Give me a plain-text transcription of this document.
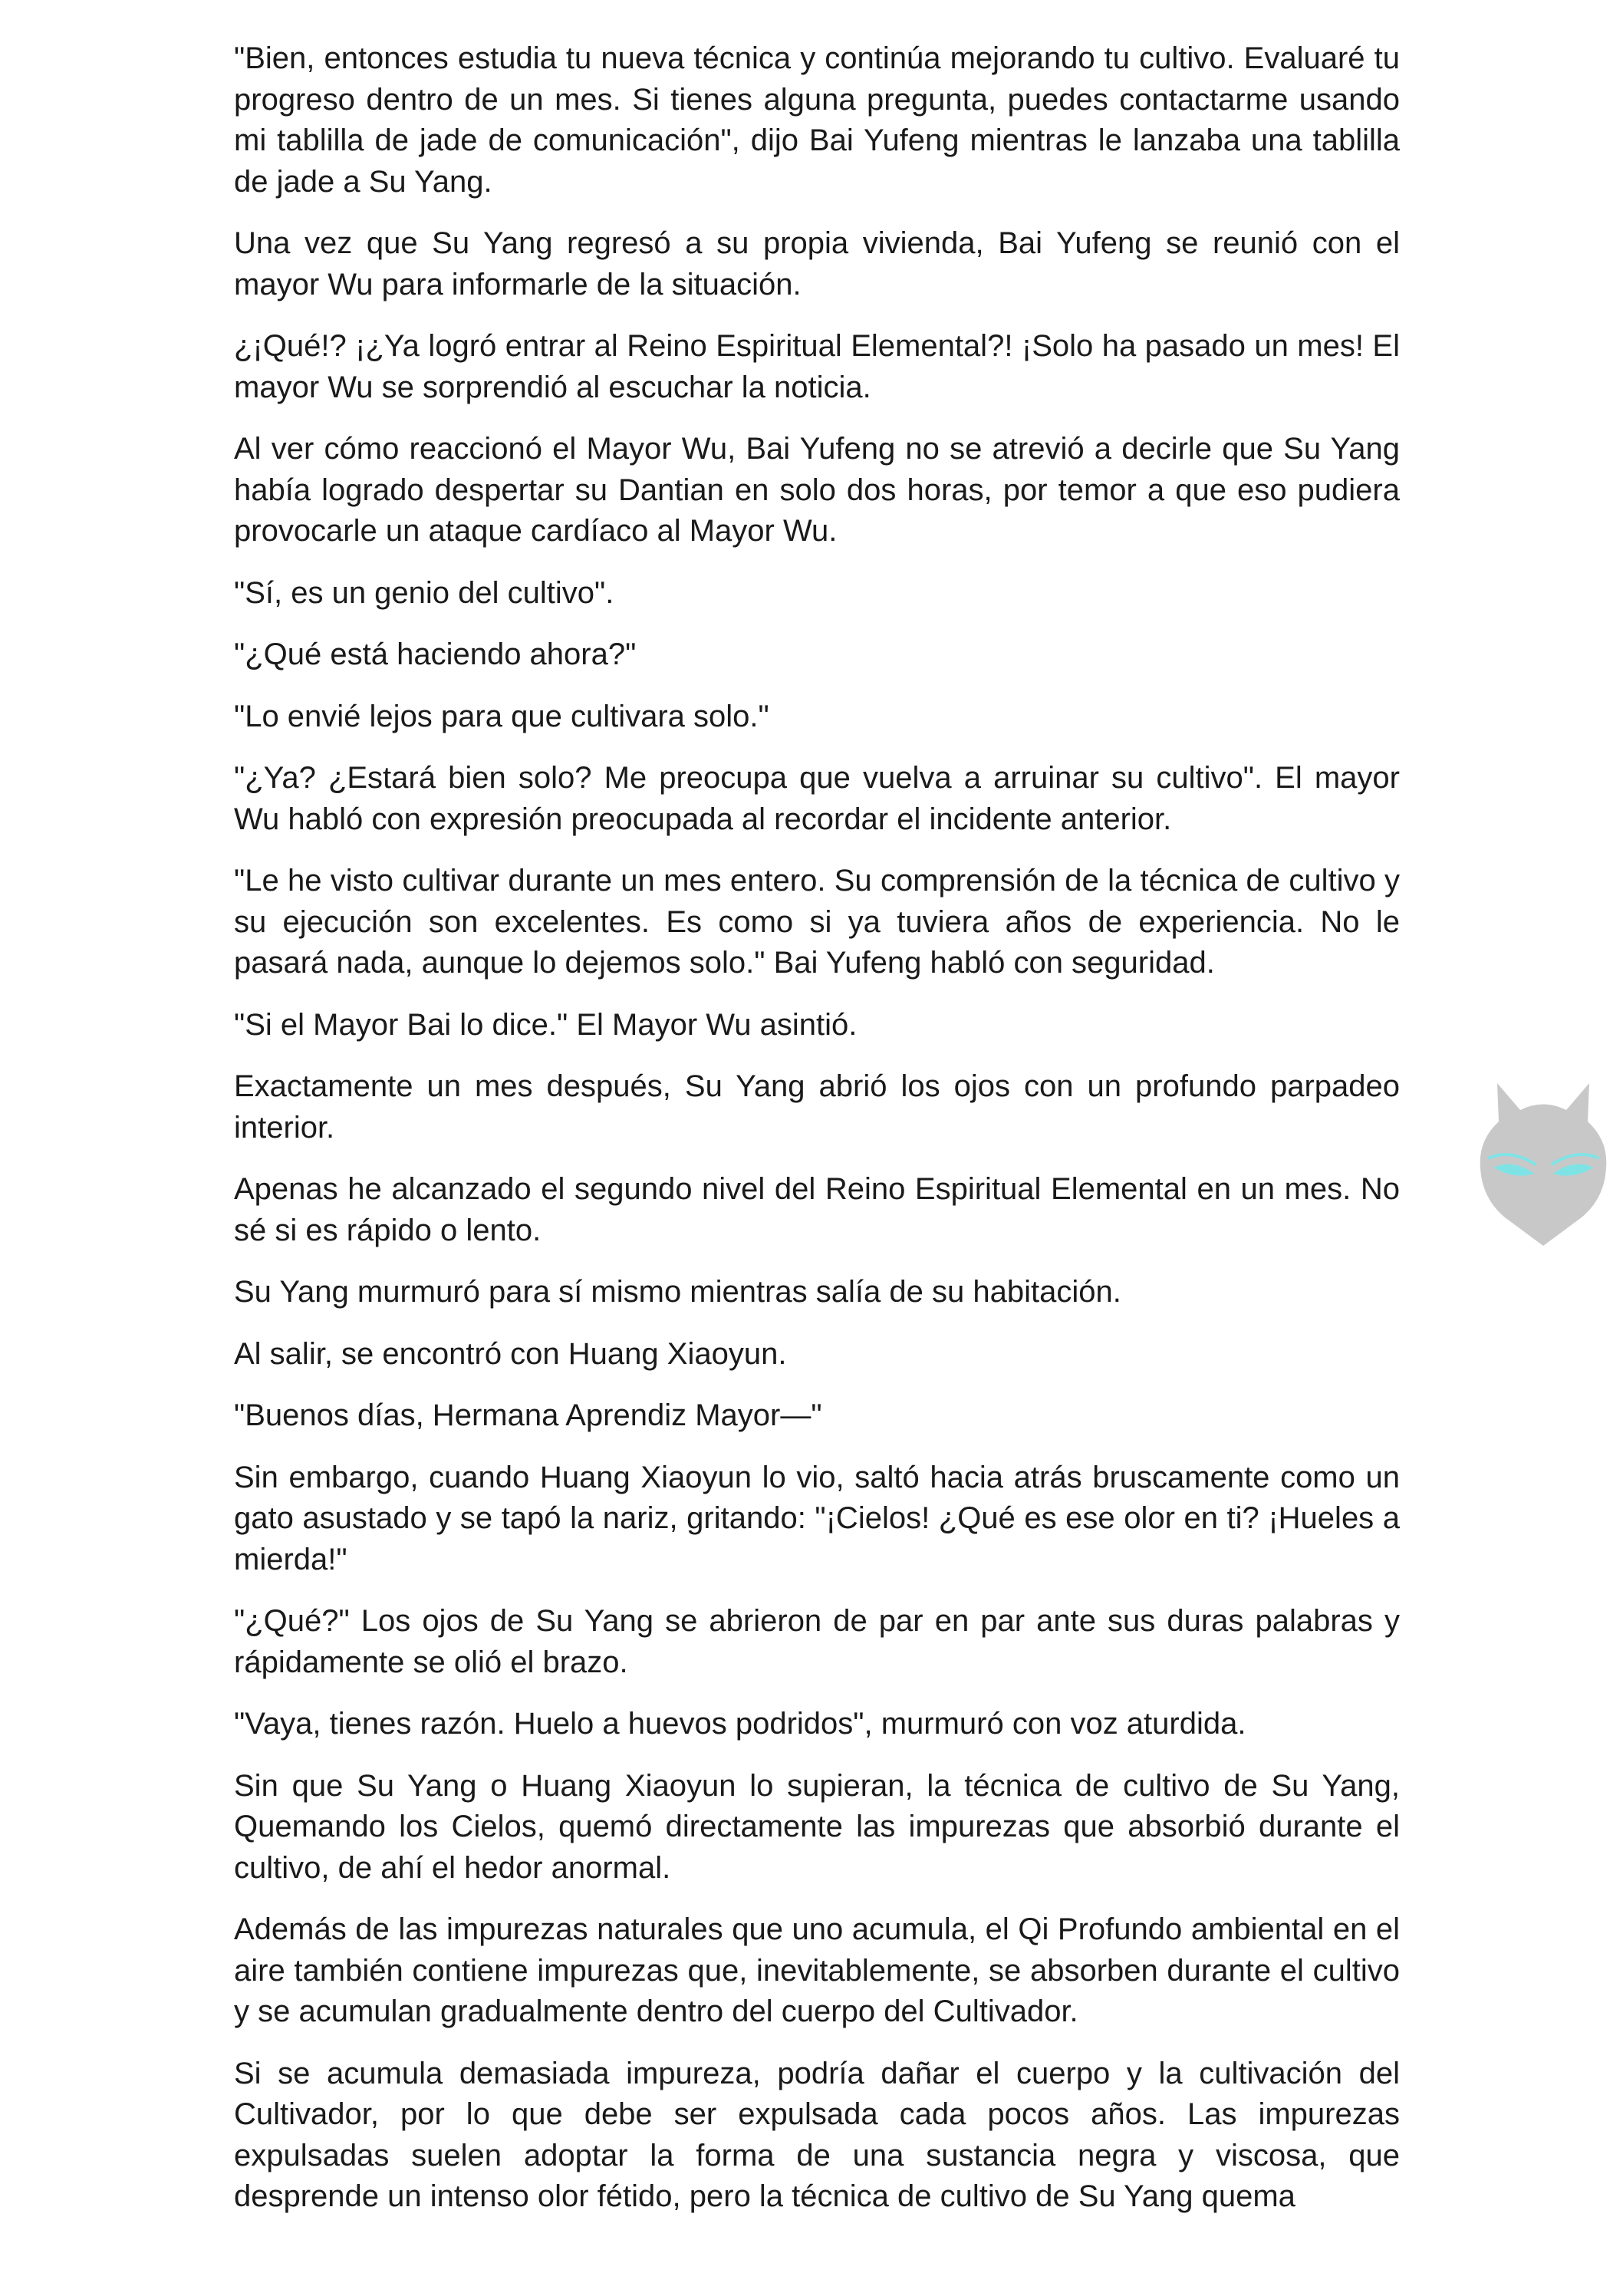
"Bien, entonces estudia tu nueva técnica y continúa mejorando tu cultivo. Evaluaré tu progreso dentro de un mes. Si tienes alguna pregunta, puedes contactarme usando mi tablilla de jade de comunicación", dijo Bai Yufeng mientras le lanzaba una tablilla de jade a Su Yang.

Una vez que Su Yang regresó a su propia vivienda, Bai Yufeng se reunió con el mayor Wu para informarle de la situación.

¿¡Qué!? ¡¿Ya logró entrar al Reino Espiritual Elemental?! ¡Solo ha pasado un mes! El mayor Wu se sorprendió al escuchar la noticia.

Al ver cómo reaccionó el Mayor Wu, Bai Yufeng no se atrevió a decirle que Su Yang había logrado despertar su Dantian en solo dos horas, por temor a que eso pudiera provocarle un ataque cardíaco al Mayor Wu.

"Sí, es un genio del cultivo".

"¿Qué está haciendo ahora?"

"Lo envié lejos para que cultivara solo."

"¿Ya? ¿Estará bien solo? Me preocupa que vuelva a arruinar su cultivo". El mayor Wu habló con expresión preocupada al recordar el incidente anterior.

"Le he visto cultivar durante un mes entero. Su comprensión de la técnica de cultivo y su ejecución son excelentes. Es como si ya tuviera años de experiencia. No le pasará nada, aunque lo dejemos solo." Bai Yufeng habló con seguridad.

"Si el Mayor Bai lo dice." El Mayor Wu asintió.

Exactamente un mes después, Su Yang abrió los ojos con un profundo parpadeo interior.

Apenas he alcanzado el segundo nivel del Reino Espiritual Elemental en un mes. No sé si es rápido o lento.

Su Yang murmuró para sí mismo mientras salía de su habitación.

Al salir, se encontró con Huang Xiaoyun.

"Buenos días, Hermana Aprendiz Mayor—"

Sin embargo, cuando Huang Xiaoyun lo vio, saltó hacia atrás bruscamente como un gato asustado y se tapó la nariz, gritando: "¡Cielos! ¿Qué es ese olor en ti? ¡Hueles a mierda!"

"¿Qué?" Los ojos de Su Yang se abrieron de par en par ante sus duras palabras y rápidamente se olió el brazo.

"Vaya, tienes razón. Huelo a huevos podridos", murmuró con voz aturdida.

Sin que Su Yang o Huang Xiaoyun lo supieran, la técnica de cultivo de Su Yang, Quemando los Cielos, quemó directamente las impurezas que absorbió durante el cultivo, de ahí el hedor anormal.

Además de las impurezas naturales que uno acumula, el Qi Profundo ambiental en el aire también contiene impurezas que, inevitablemente, se absorben durante el cultivo y se acumulan gradualmente dentro del cuerpo del Cultivador.

Si se acumula demasiada impureza, podría dañar el cuerpo y la cultivación del Cultivador, por lo que debe ser expulsada cada pocos años. Las impurezas expulsadas suelen adoptar la forma de una sustancia negra y viscosa, que desprende un intenso olor fétido, pero la técnica de cultivo de Su Yang quema
